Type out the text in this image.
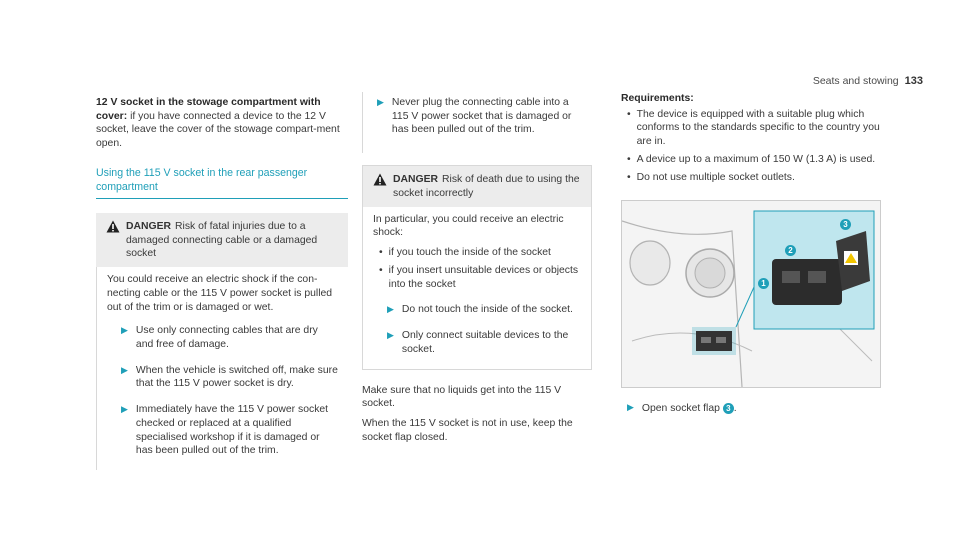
Seats and stowing 133

12 V socket in the stowage compartment with cover: if you have connected a device to the 12 V socket, leave the cover of the stowage compart-ment open.

Using the 115 V socket in the rear passenger compartment
DANGER Risk of fatal injuries due to a damaged connecting cable or a damaged socket

You could receive an electric shock if the con-necting cable or the 115 V power socket is pulled out of the trim or is damaged or wet.

▶ Use only connecting cables that are dry and free of damage.
▶ When the vehicle is switched off, make sure that the 115 V power socket is dry.
▶ Immediately have the 115 V power socket checked or replaced at a qualified specialised workshop if it is damaged or has been pulled out of the trim.
▶ Never plug the connecting cable into a 115 V power socket that is damaged or has been pulled out of the trim.
DANGER Risk of death due to using the socket incorrectly

In particular, you could receive an electric shock:

• if you touch the inside of the socket
• if you insert unsuitable devices or objects into the socket
▶ Do not touch the inside of the socket.
▶ Only connect suitable devices to the socket.

Make sure that no liquids get into the 115 V socket.

When the 115 V socket is not in use, keep the socket flap closed.

Requirements:
• The device is equipped with a suitable plug which conforms to the standards specific to the country you are in.
• A device up to a maximum of 150 W (1.3 A) is used.
• Do not use multiple socket outlets.
1
2
3
▶ Open socket flap 3 .
